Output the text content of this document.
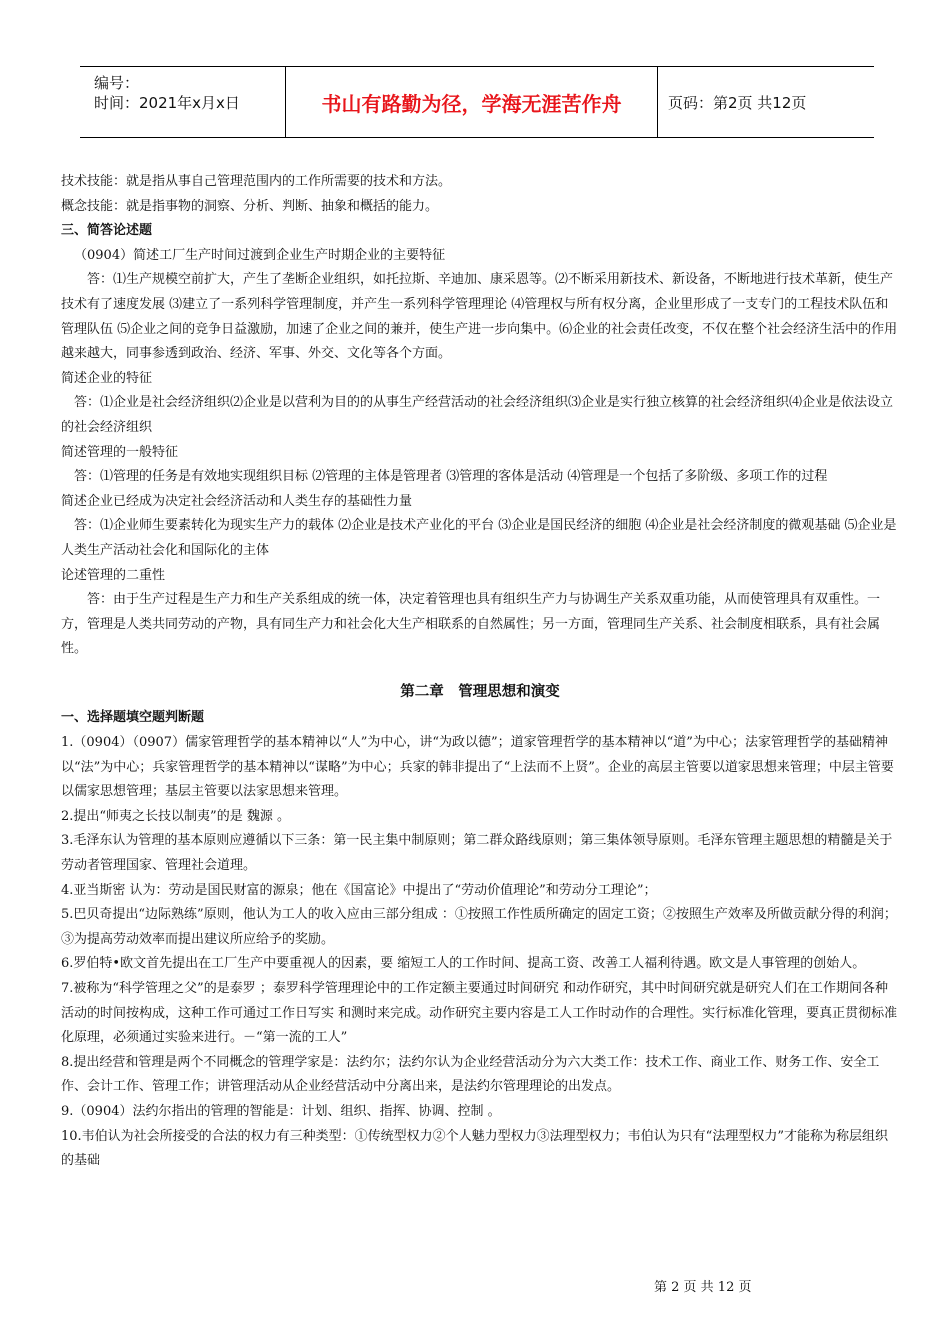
编号：
时间：2021年x月x日	书山有路勤为径，学海无涯苦作舟	页码：第2页 共12页

技术技能：就是指从事自己管理范围内的工作所需要的技术和方法。

概念技能：就是指事物的洞察、分析、判断、抽象和概括的能力。

三、简答论述题

（0904）简述工厂生产时间过渡到企业生产时期企业的主要特征

答：⑴生产规模空前扩大，产生了垄断企业组织，如托拉斯、辛迪加、康采恩等。⑵不断采用新技术、新设备，不断地进行技术革新，使生产技术有了速度发展 ⑶建立了一系列科学管理制度，并产生一系列科学管理理论 ⑷管理权与所有权分离，企业里形成了一支专门的工程技术队伍和管理队伍 ⑸企业之间的竞争日益激励，加速了企业之间的兼并，使生产进一步向集中。⑹企业的社会责任改变，不仅在整个社会经济生活中的作用越来越大，同事参透到政治、经济、军事、外交、文化等各个方面。

简述企业的特征

答：⑴企业是社会经济组织⑵企业是以营利为目的的从事生产经营活动的社会经济组织⑶企业是实行独立核算的社会经济组织⑷企业是依法设立的社会经济组织

简述管理的一般特征

答：⑴管理的任务是有效地实现组织目标 ⑵管理的主体是管理者 ⑶管理的客体是活动 ⑷管理是一个包括了多阶级、多项工作的过程

简述企业已经成为决定社会经济活动和人类生存的基础性力量

答：⑴企业师生要素转化为现实生产力的载体 ⑵企业是技术产业化的平台 ⑶企业是国民经济的细胞 ⑷企业是社会经济制度的微观基础 ⑸企业是人类生产活动社会化和国际化的主体

论述管理的二重性

答：由于生产过程是生产力和生产关系组成的统一体，决定着管理也具有组织生产力与协调生产关系双重功能，从而使管理具有双重性。一方，管理是人类共同劳动的产物，具有同生产力和社会化大生产相联系的自然属性；另一方面，管理同生产关系、社会制度相联系，具有社会属性。

第二章　管理思想和演变

一、选择题填空题判断题

1.（0904）（0907）儒家管理哲学的基本精神以“人”为中心，讲“为政以德”；道家管理哲学的基本精神以“道”为中心；法家管理哲学的基础精神以“法”为中心；兵家管理哲学的基本精神以“谋略”为中心；兵家的韩非提出了“上法而不上贤”。企业的高层主管要以道家思想来管理；中层主管要以儒家思想管理；基层主管要以法家思想来管理。

2.提出“师夷之长技以制夷”的是 魏源 。

3.毛泽东认为管理的基本原则应遵循以下三条：第一民主集中制原则；第二群众路线原则；第三集体领导原则。毛泽东管理主题思想的精髓是关于劳动者管理国家、管理社会道理。

4.亚当斯密 认为：劳动是国民财富的源泉；他在《国富论》中提出了“劳动价值理论”和劳动分工理论”；

5.巴贝奇提出“边际熟练”原则，他认为工人的收入应由三部分组成 ：①按照工作性质所确定的固定工资；②按照生产效率及所做贡献分得的利润；③为提高劳动效率而提出建议所应给予的奖励。

6.罗伯特•欧文首先提出在工厂生产中要重视人的因素，要 缩短工人的工作时间、提高工资、改善工人福利待遇。欧文是人事管理的创始人。

7.被称为“科学管理之父”的是泰罗 ；泰罗科学管理理论中的工作定额主要通过时间研究 和动作研究，其中时间研究就是研究人们在工作期间各种活动的时间按构成，这种工作可通过工作日写实 和测时来完成。动作研究主要内容是工人工作时动作的合理性。实行标准化管理，要真正贯彻标准化原理，必须通过实验来进行。－“第一流的工人”

8.提出经营和管理是两个不同概念的管理学家是：法约尔；法约尔认为企业经营活动分为六大类工作：技术工作、商业工作、财务工作、安全工作、会计工作、管理工作；讲管理活动从企业经营活动中分离出来，是法约尔管理理论的出发点。

9.（0904）法约尔指出的管理的智能是：计划、组织、指挥、协调、控制 。

10.韦伯认为社会所接受的合法的权力有三种类型：①传统型权力②个人魅力型权力③法理型权力；韦伯认为只有“法理型权力”才能称为称层组织的基础

第 2 页 共 12 页
